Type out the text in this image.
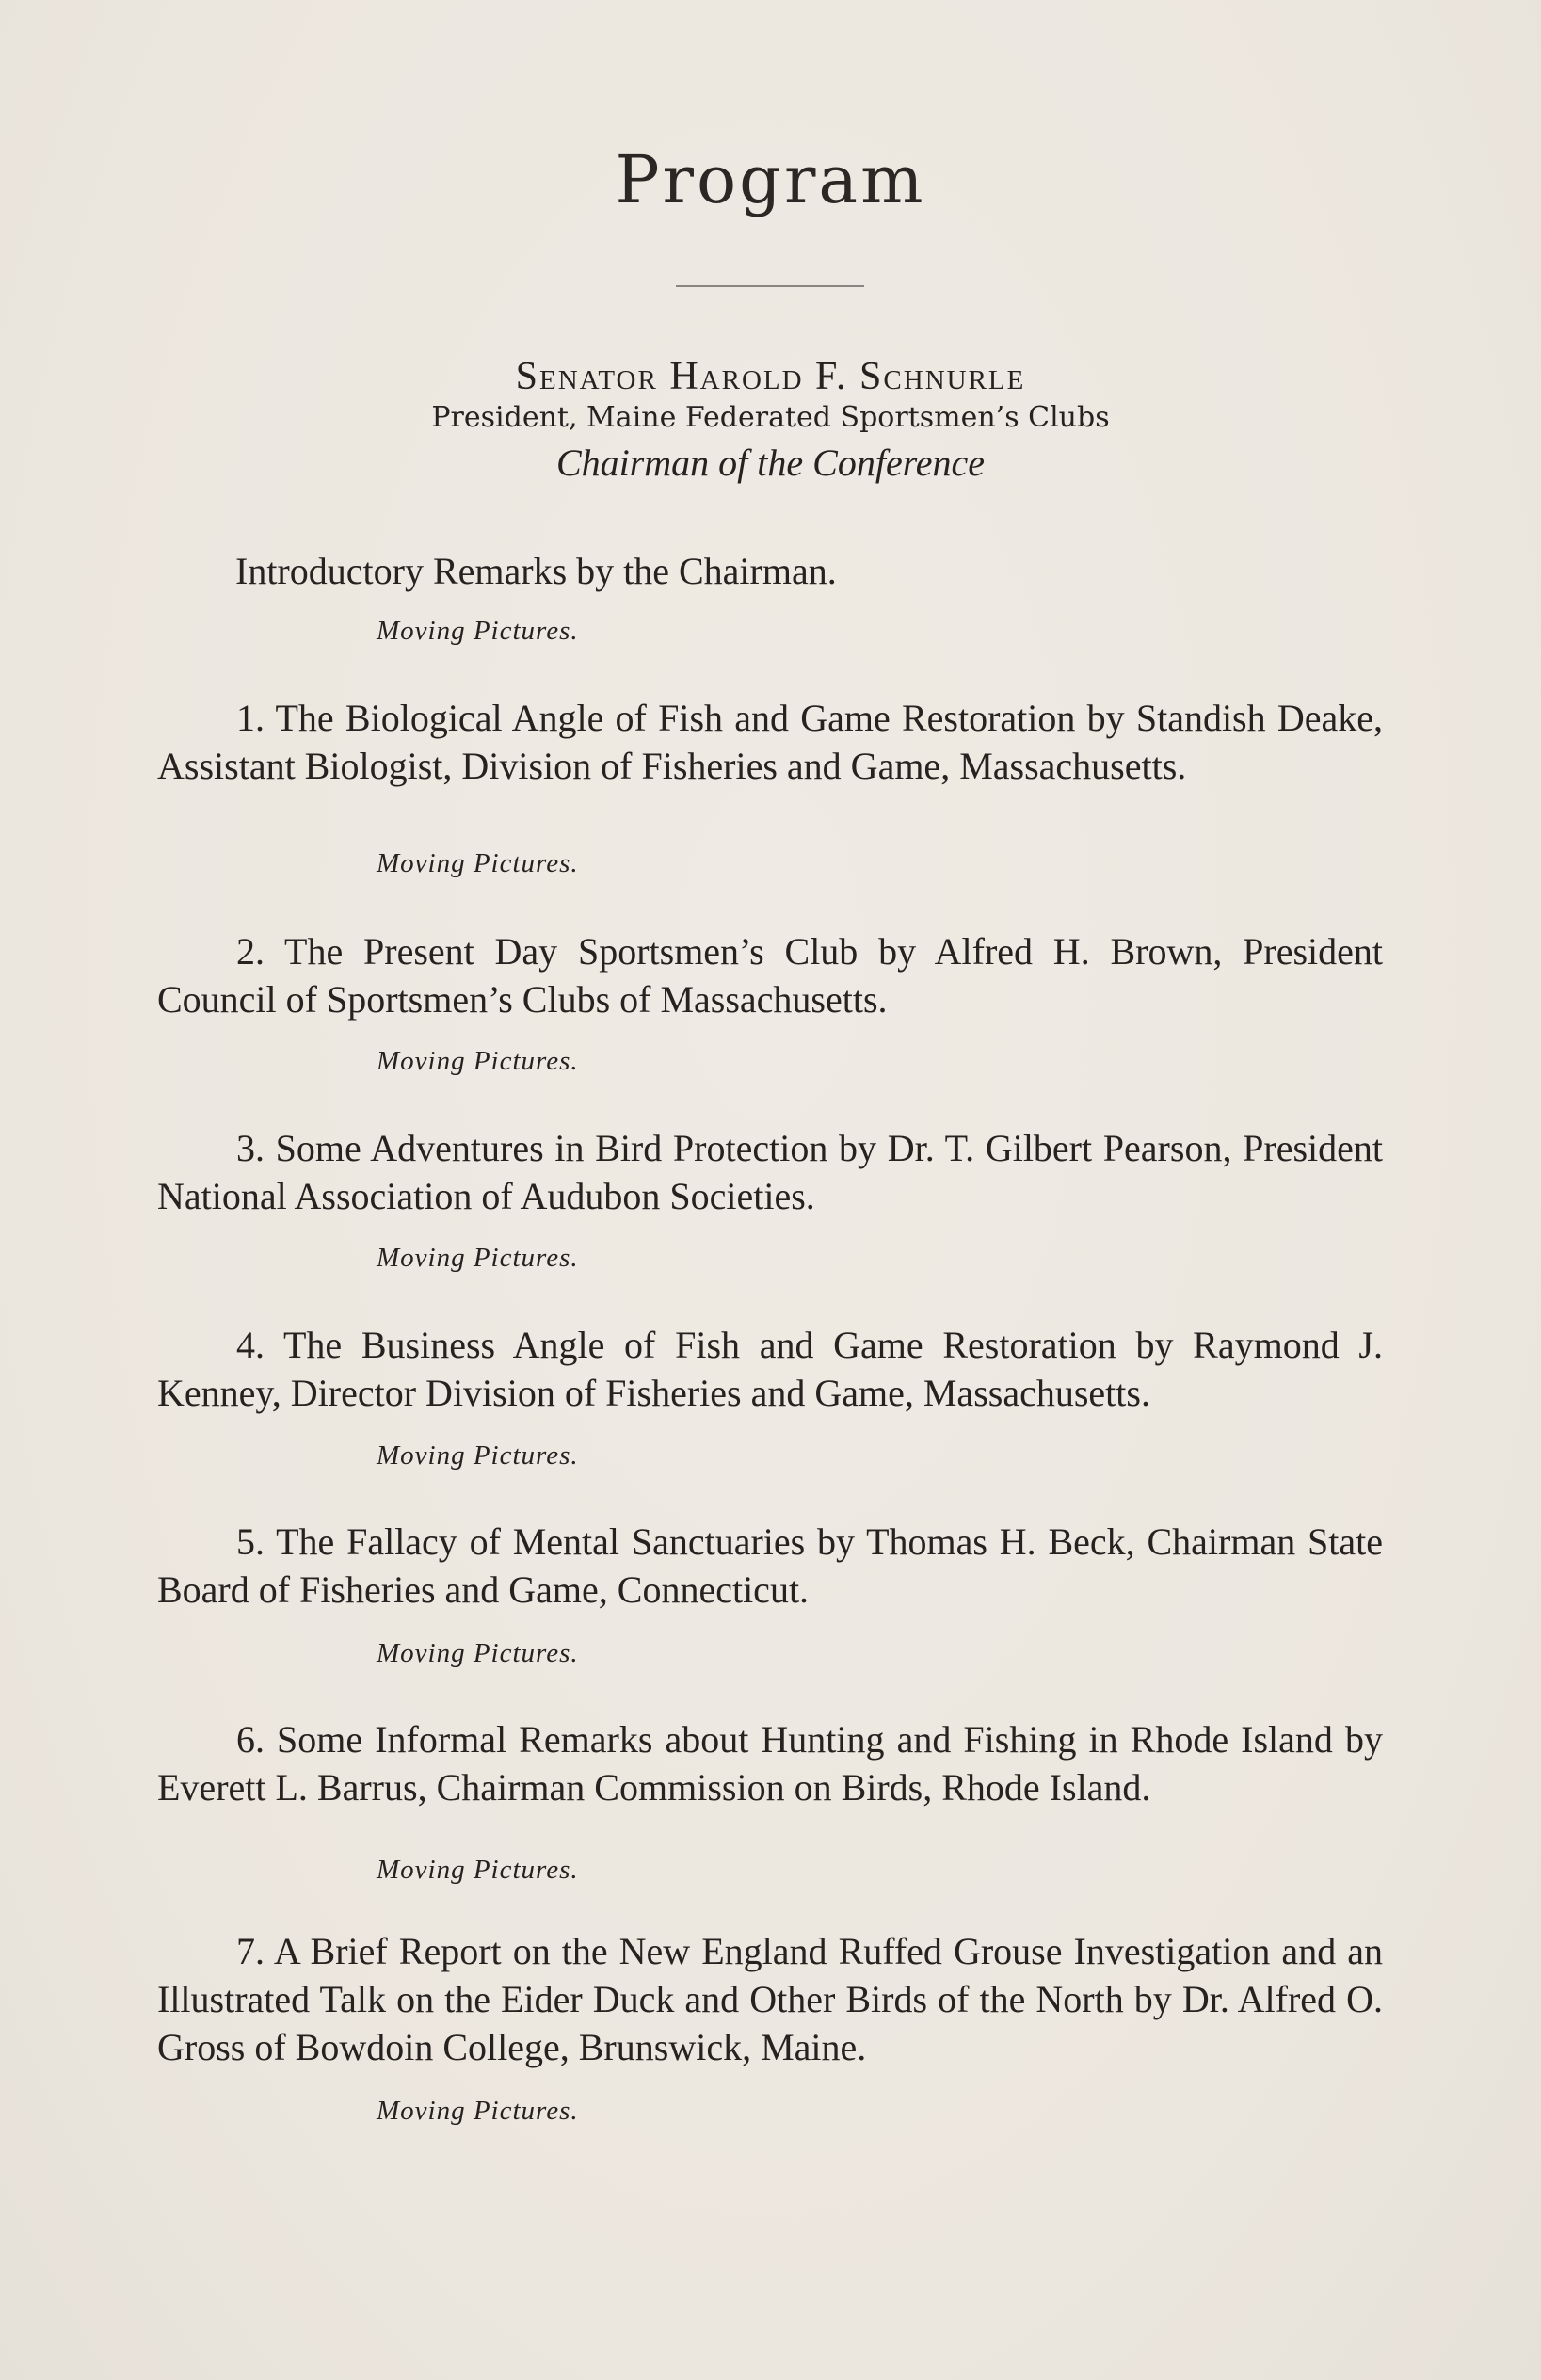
Program
Senator Harold F. Schnurle
President, Maine Federated Sportsmen’s Clubs
Chairman of the Conference
Introductory Remarks by the Chairman.
Moving Pictures.
1. The Biological Angle of Fish and Game Restoration by Standish Deake, Assistant Biologist, Division of Fisheries and Game, Massachusetts.
Moving Pictures.
2. The Present Day Sportsmen’s Club by Alfred H. Brown, President Council of Sportsmen’s Clubs of Massachusetts.
Moving Pictures.
3. Some Adventures in Bird Protection by Dr. T. Gilbert Pearson, President National Association of Audubon Societies.
Moving Pictures.
4. The Business Angle of Fish and Game Restoration by Raymond J. Kenney, Director Division of Fisheries and Game, Massachusetts.
Moving Pictures.
5. The Fallacy of Mental Sanctuaries by Thomas H. Beck, Chairman State Board of Fisheries and Game, Connecticut.
Moving Pictures.
6. Some Informal Remarks about Hunting and Fishing in Rhode Island by Everett L. Barrus, Chairman Commission on Birds, Rhode Island.
Moving Pictures.
7. A Brief Report on the New England Ruffed Grouse Investigation and an Illustrated Talk on the Eider Duck and Other Birds of the North by Dr. Alfred O. Gross of Bowdoin College, Brunswick, Maine.
Moving Pictures.
